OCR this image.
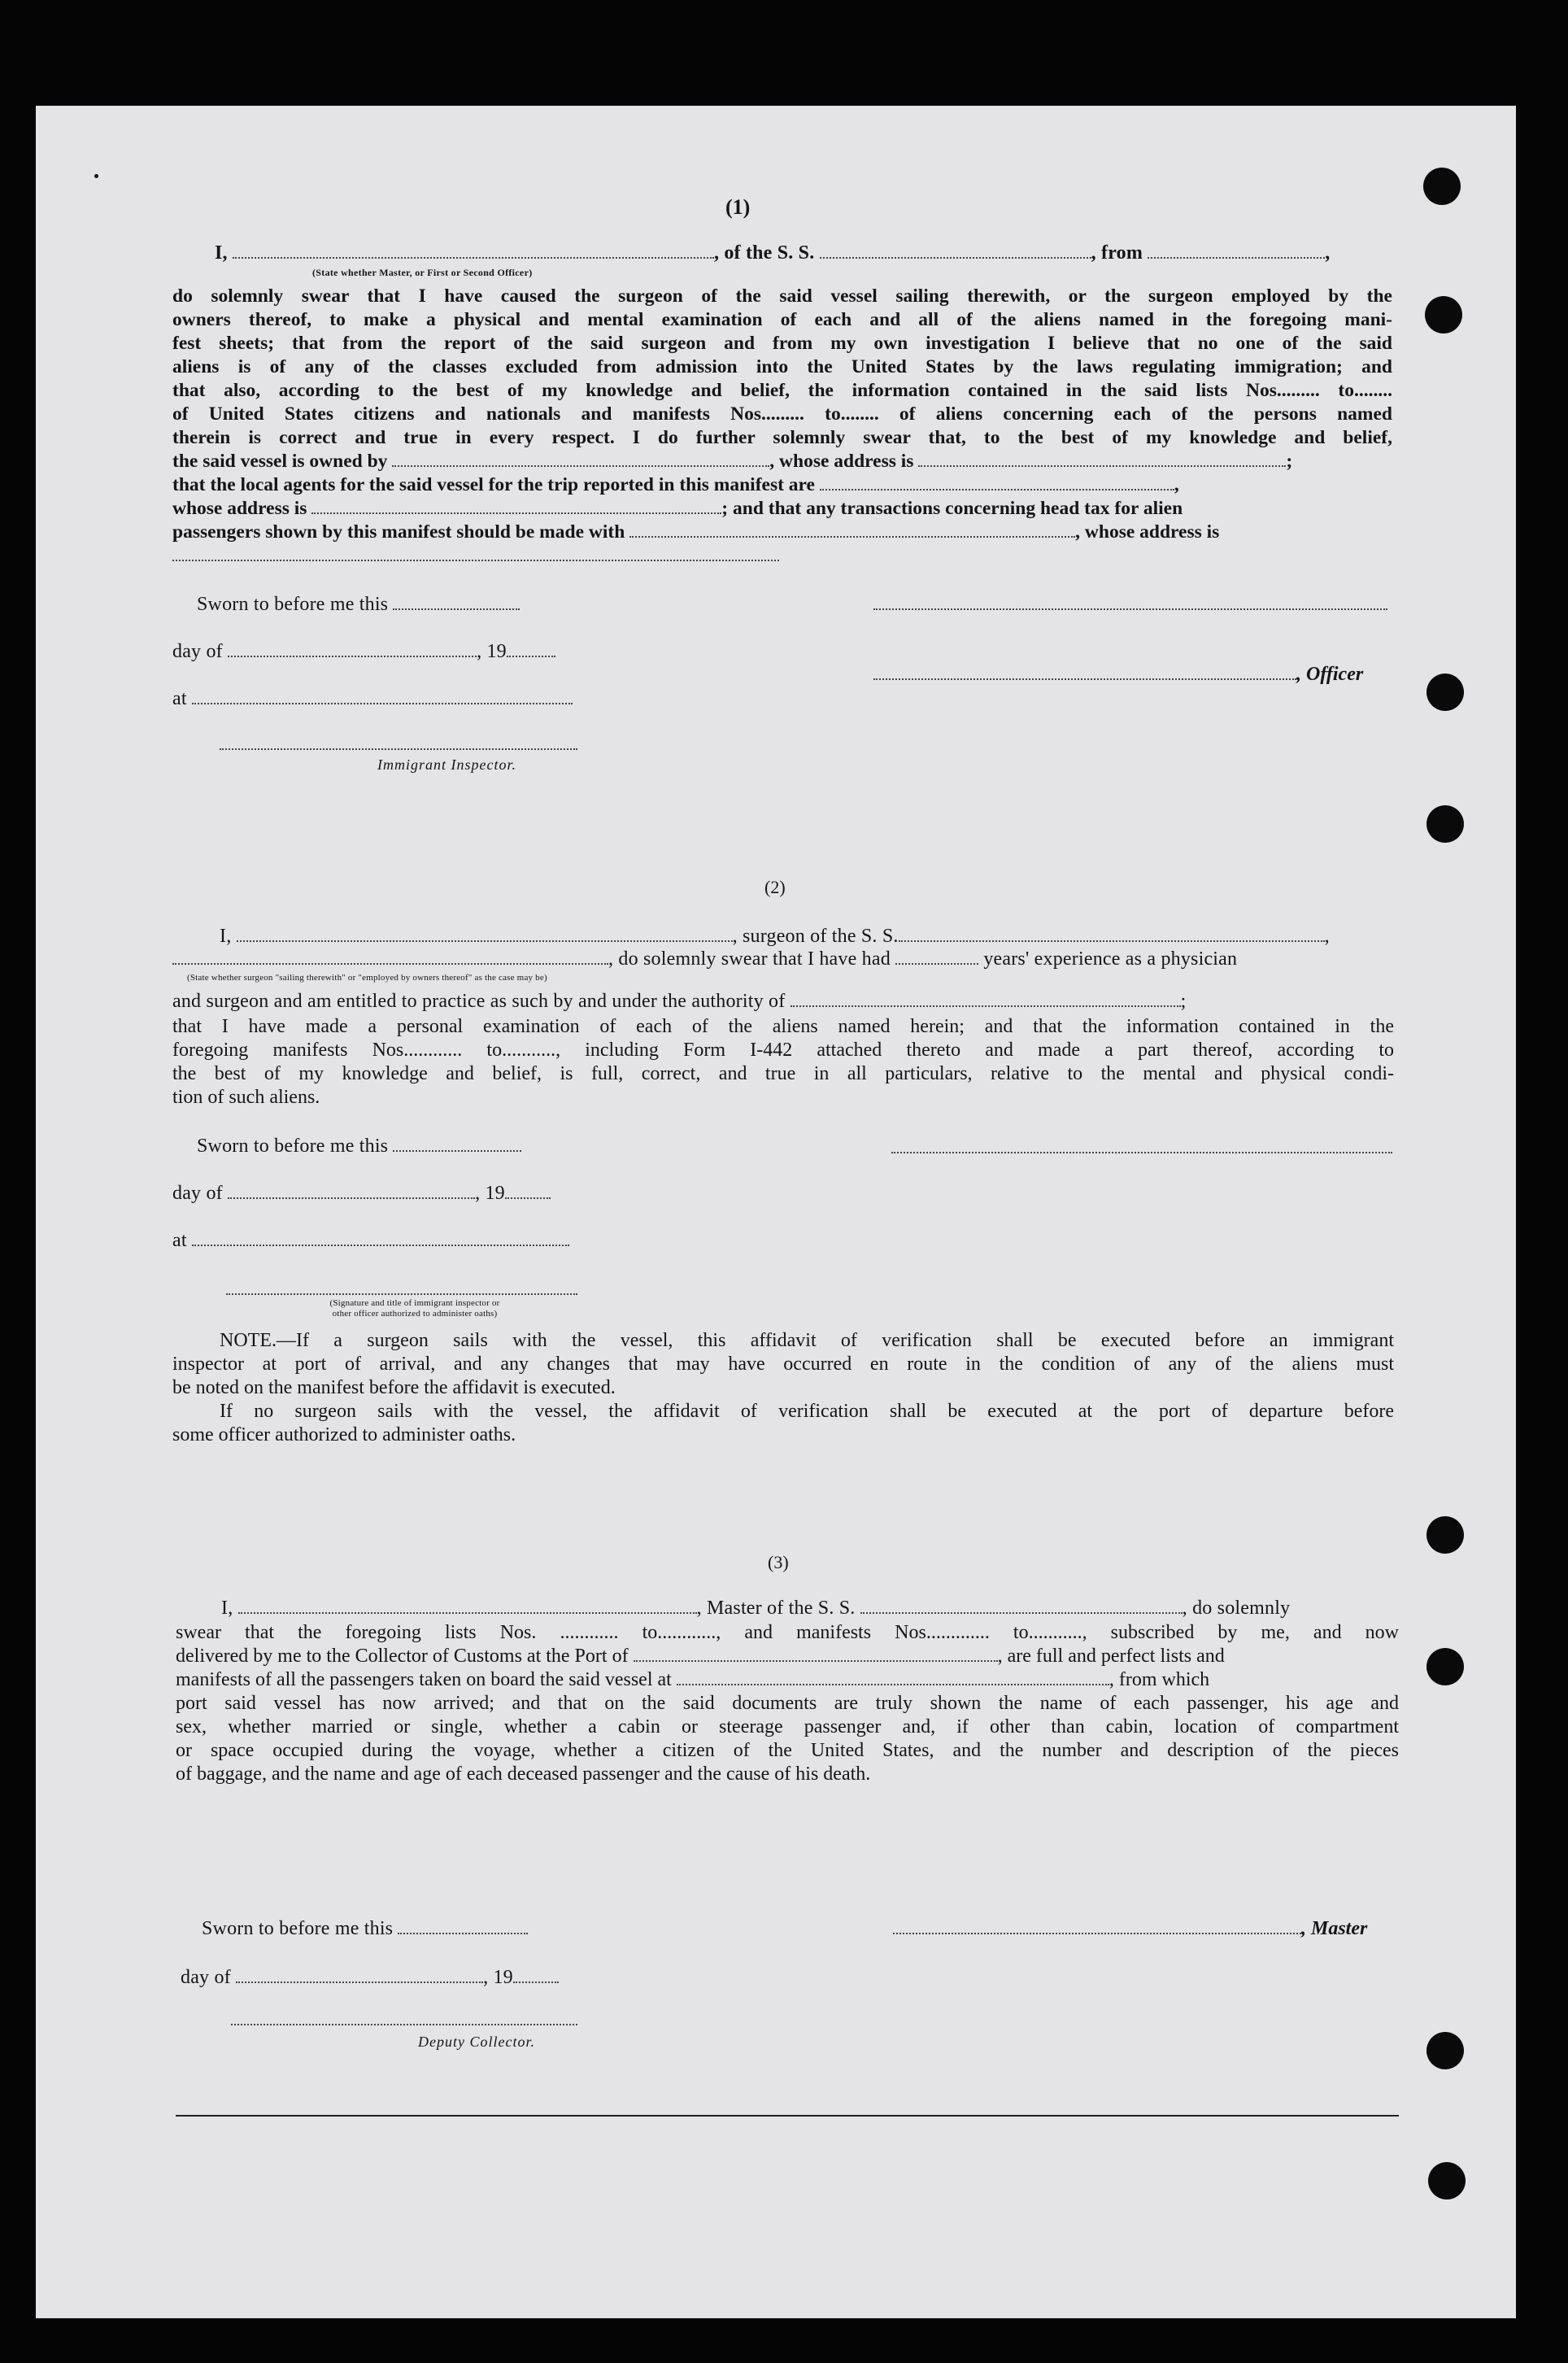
(1)
I,	, of the S. S.	, from	,
(State whether Master, or First or Second Officer)
do solemnly swear that I have caused the surgeon of the said vessel sailing therewith, or the surgeon employed by the
owners thereof, to make a physical and mental examination of each and all of the aliens named in the foregoing mani-
fest sheets; that from the report of the said surgeon and from my own investigation I believe that no one of the said
aliens is of any of the classes excluded from admission into the United States by the laws regulating immigration; and
that also, according to the best of my knowledge and belief, the information contained in the said lists Nos......... to........
of United States citizens and nationals and manifests Nos......... to........ of aliens concerning each of the persons named
therein is correct and true in every respect. I do further solemnly swear that, to the best of my knowledge and belief,
the said vessel is owned by	, whose address is	;
that the local agents for the said vessel for the trip reported in this manifest are	,
whose address is	; and that any transactions concerning head tax for alien
passengers shown by this manifest should be made with	, whose address is
Sworn to before me this
day of	, 19
, Officer
at
Immigrant Inspector.
(2)
I,	, surgeon of the S. S.	,
, do solemnly swear that I have had	years' experience as a physician
(State whether surgeon "sailing therewith" or "employed by owners thereof" as the case may be)
and surgeon and am entitled to practice as such by and under the authority of	;
that I have made a personal examination of each of the aliens named herein; and that the information contained in the
foregoing manifests Nos............ to..........., including Form I-442 attached thereto and made a part thereof, according to
the best of my knowledge and belief, is full, correct, and true in all particulars, relative to the mental and physical condi-
tion of such aliens.
Sworn to before me this
day of	, 19
at
(Signature and title of immigrant inspector or
other officer authorized to administer oaths)
NOTE.—If a surgeon sails with the vessel, this affidavit of verification shall be executed before an immigrant
inspector at port of arrival, and any changes that may have occurred en route in the condition of any of the aliens must
be noted on the manifest before the affidavit is executed.
If no surgeon sails with the vessel, the affidavit of verification shall be executed at the port of departure before
some officer authorized to administer oaths.
(3)
I,	, Master of the S. S.	, do solemnly
swear that the foregoing lists Nos. ............ to............, and manifests Nos............. to..........., subscribed by me, and now
delivered by me to the Collector of Customs at the Port of	, are full and perfect lists and
manifests of all the passengers taken on board the said vessel at	, from which
port said vessel has now arrived; and that on the said documents are truly shown the name of each passenger, his age and
sex, whether married or single, whether a cabin or steerage passenger and, if other than cabin, location of compartment
or space occupied during the voyage, whether a citizen of the United States, and the number and description of the pieces
of baggage, and the name and age of each deceased passenger and the cause of his death.
Sworn to before me this	, Master
day of	, 19
Deputy Collector.
